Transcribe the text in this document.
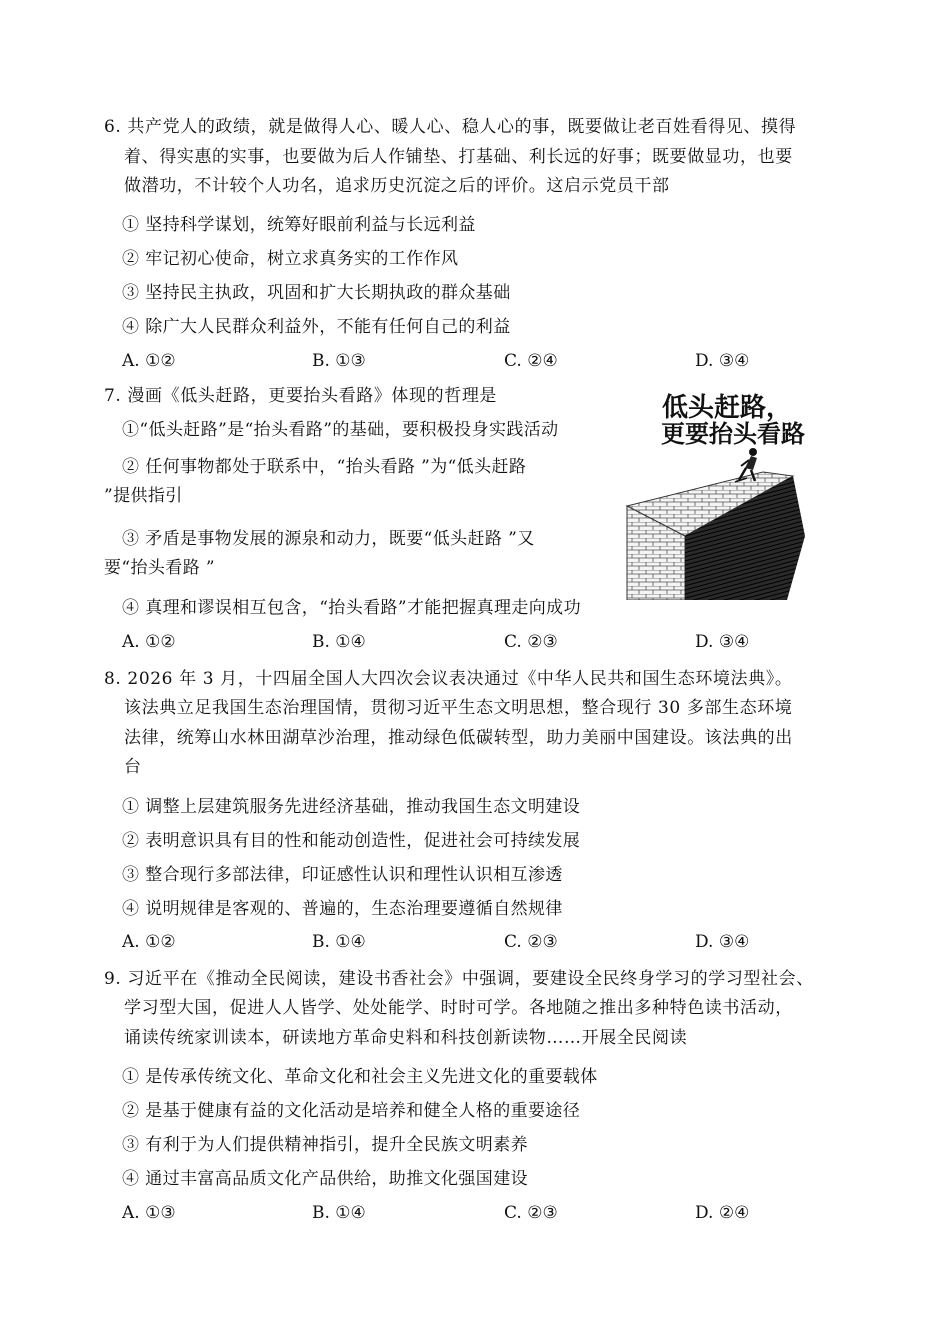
6. 共产党人的政绩，就是做得人心、暖人心、稳人心的事，既要做让老百姓看得见、摸得
着、得实惠的实事，也要做为后人作铺垫、打基础、利长远的好事；既要做显功，也要
做潜功，不计较个人功名，追求历史沉淀之后的评价。这启示党员干部
① 坚持科学谋划，统筹好眼前利益与长远利益
② 牢记初心使命，树立求真务实的工作作风
③ 坚持民主执政，巩固和扩大长期执政的群众基础
④ 除广大人民群众利益外，不能有任何自己的利益
A. ①②	B. ①③	C. ②④	D. ③④
7. 漫画《低头赶路，更要抬头看路》体现的哲理是
①“低头赶路”是“抬头看路”的基础，要积极投身实践活动
② 任何事物都处于联系中，“抬头看路 ”为“低头赶路
”提供指引
③ 矛盾是事物发展的源泉和动力，既要“低头赶路 ”又
要“抬头看路 ”
④ 真理和谬误相互包含，“抬头看路”才能把握真理走向成功
A. ①②	B. ①④	C. ②③	D. ③④
低头赶路，
更要抬头看路
8. 2026 年 3 月，十四届全国人大四次会议表决通过《中华人民共和国生态环境法典》。
该法典立足我国生态治理国情，贯彻习近平生态文明思想，整合现行 30 多部生态环境
法律，统筹山水林田湖草沙治理，推动绿色低碳转型，助力美丽中国建设。该法典的出
台
① 调整上层建筑服务先进经济基础，推动我国生态文明建设
② 表明意识具有目的性和能动创造性，促进社会可持续发展
③ 整合现行多部法律，印证感性认识和理性认识相互渗透
④ 说明规律是客观的、普遍的，生态治理要遵循自然规律
A. ①②	B. ①④	C. ②③	D. ③④
9. 习近平在《推动全民阅读，建设书香社会》中强调，要建设全民终身学习的学习型社会、
学习型大国，促进人人皆学、处处能学、时时可学。各地随之推出多种特色读书活动，
诵读传统家训读本，研读地方革命史料和科技创新读物……开展全民阅读
① 是传承传统文化、革命文化和社会主义先进文化的重要载体
② 是基于健康有益的文化活动是培养和健全人格的重要途径
③ 有利于为人们提供精神指引，提升全民族文明素养
④ 通过丰富高品质文化产品供给，助推文化强国建设
A. ①③	B. ①④	C. ②③	D. ②④
